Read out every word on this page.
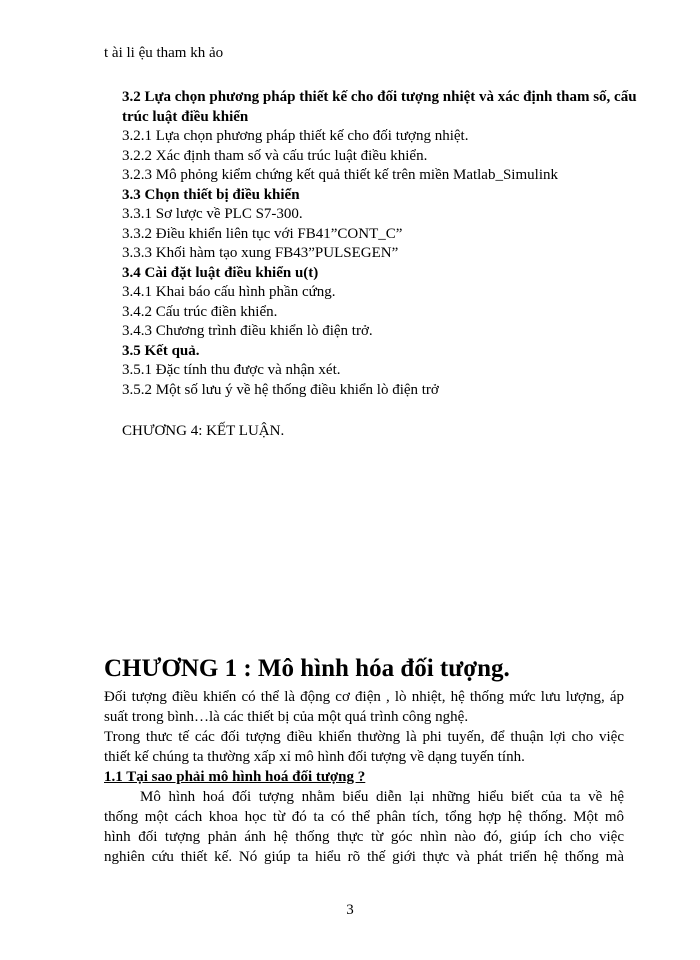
t ài li ệu tham kh ảo
3.2 Lựa chọn phương pháp thiết kế cho đối tượng nhiệt và xác định tham số, cấu trúc luật điều khiển
3.2.1 Lựa chọn phương pháp thiết kế cho đối tượng nhiệt.
3.2.2 Xác định tham số và cấu trúc luật điều khiển.
3.2.3 Mô phỏng kiểm chứng kết quả thiết kế trên miền Matlab_Simulink
3.3 Chọn thiết bị điều khiển
3.3.1 Sơ lược về PLC S7-300.
3.3.2 Điều khiển liên tục với FB41”CONT_C”
3.3.3 Khối hàm tạo xung FB43”PULSEGEN”
3.4 Cài đặt luật điều khiển u(t)
3.4.1 Khai báo cấu hình phần cứng.
3.4.2 Cấu trúc điền khiển.
3.4.3 Chương trình điều khiển lò điện trở.
3.5 Kết quả.
3.5.1 Đặc tính thu được và nhận xét.
3.5.2 Một số lưu ý về hệ thống điều khiển lò điện trở
CHƯƠNG 4: KẾT LUẬN.
CHƯƠNG 1 : Mô hình hóa đối tượng.

Đối tượng điều khiển có thể là động cơ điện , lò nhiệt, hệ thống mức lưu lượng, áp

suất trong bình…là các thiết bị của một quá trình công nghệ.

Trong thưc tế các đối tượng điều khiển thường là phi tuyến, để thuận lợi cho việc

thiết kế chúng ta thường xấp xỉ mô hình đối tượng về dạng tuyến tính.

1.1 Tại sao phải mô hình hoá đối tượng ?

Mô hình hoá đối tượng nhằm biểu diễn lại những hiểu biết của ta về hệ

thống một cách khoa học từ đó ta có thể phân tích, tổng hợp hệ thống. Một mô

hình đối tượng phản ánh hệ thống thực từ góc nhìn nào đó, giúp ích cho việc

nghiên cứu thiết kế. Nó giúp ta hiểu rõ thế giới thực và phát triển hệ thống mà

3
